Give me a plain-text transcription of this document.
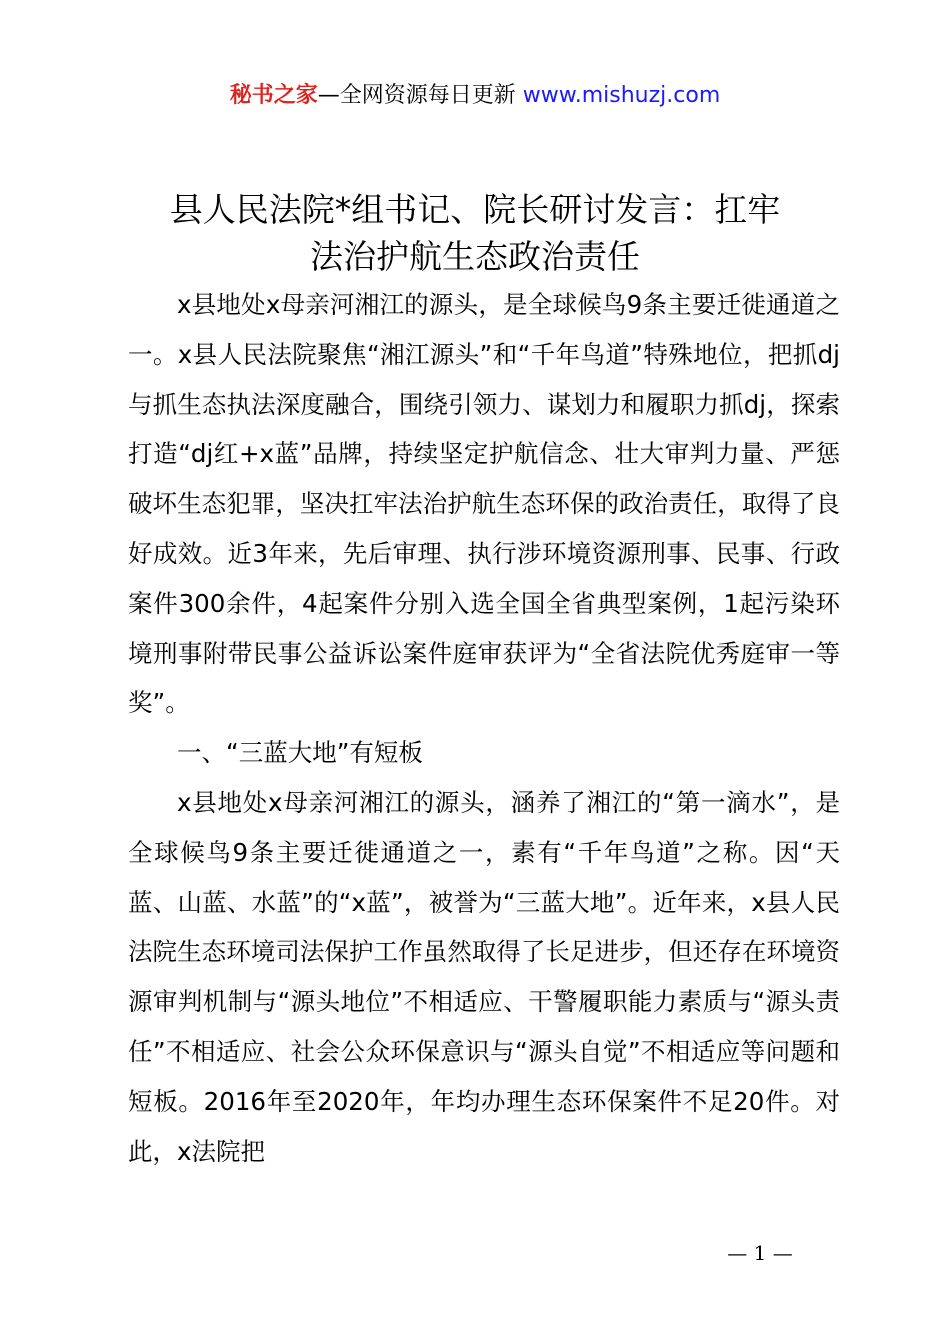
秘书之家—全网资源每日更新 www.mishuzj.com
县人民法院*组书记、院长研讨发言：扛牢
法治护航生态政治责任

x县地处x母亲河湘江的源头，是全球候鸟9条主要迁徙通道之一。x县人民法院聚焦“湘江源头”和“千年鸟道”特殊地位，把抓dj与抓生态执法深度融合，围绕引领力、谋划力和履职力抓dj，探索打造“dj红+x蓝”品牌，持续坚定护航信念、壮大审判力量、严惩破坏生态犯罪，坚决扛牢法治护航生态环保的政治责任，取得了良好成效。近3年来，先后审理、执行涉环境资源刑事、民事、行政案件300余件，4起案件分别入选全国全省典型案例，1起污染环境刑事附带民事公益诉讼案件庭审获评为“全省法院优秀庭审一等奖”。

一、“三蓝大地”有短板

x县地处x母亲河湘江的源头，涵养了湘江的“第一滴水”，是全球候鸟9条主要迁徙通道之一，素有“千年鸟道”之称。因“天蓝、山蓝、水蓝”的“x蓝”，被誉为“三蓝大地”。近年来，x县人民法院生态环境司法保护工作虽然取得了长足进步，但还存在环境资源审判机制与“源头地位”不相适应、干警履职能力素质与“源头责任”不相适应、社会公众环保意识与“源头自觉”不相适应等问题和短板。2016年至2020年，年均办理生态环保案件不足20件。对此，x法院把

— 1 —
